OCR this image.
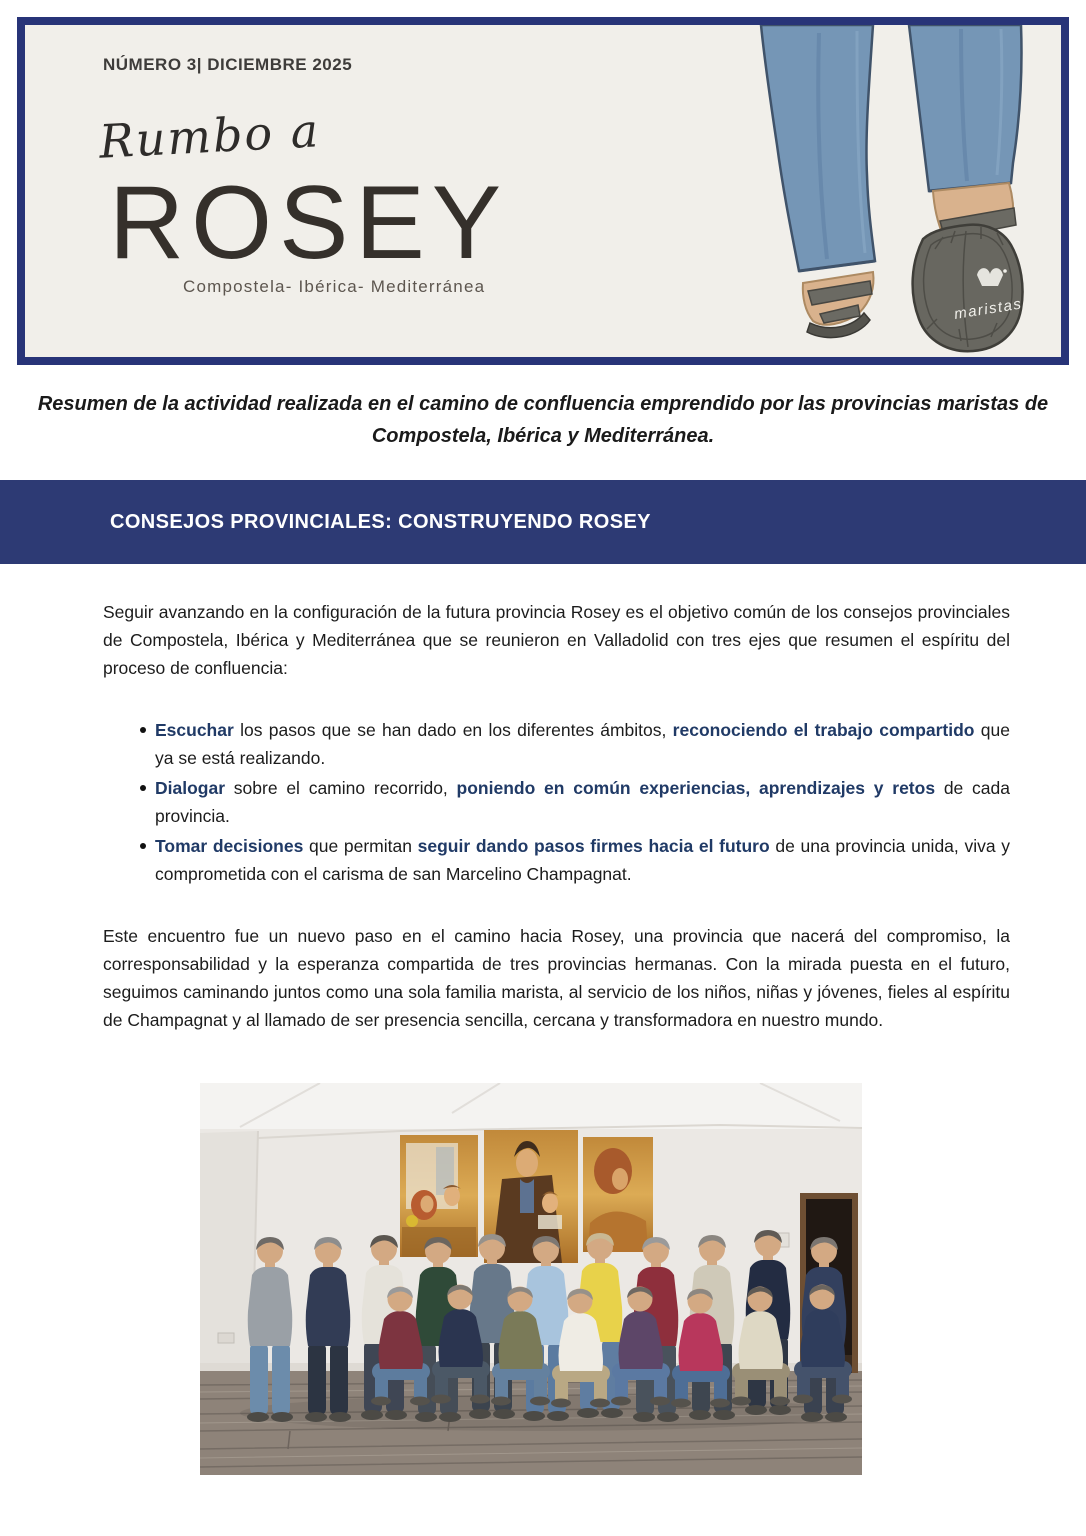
NÚMERO 3| DICIEMBRE 2025
Rumbo a
ROSEY
Compostela- Ibérica- Mediterránea
maristas
Resumen de la actividad realizada en el camino de confluencia emprendido por las provincias maristas de
Compostela, Ibérica y Mediterránea.
CONSEJOS PROVINCIALES: CONSTRUYENDO ROSEY

Seguir avanzando en la configuración de la futura provincia Rosey es el objetivo común de los consejos provinciales de Compostela, Ibérica y Mediterránea que se reunieron en Valladolid con tres ejes que resumen el espíritu del proceso de confluencia:

Escuchar los pasos que se han dado en los diferentes ámbitos, reconociendo el trabajo compartido que ya se está realizando.
Dialogar sobre el camino recorrido, poniendo en común experiencias, aprendizajes y retos de cada provincia.
Tomar decisiones que permitan seguir dando pasos firmes hacia el futuro de una provincia unida, viva y comprometida con el carisma de san Marcelino Champagnat.

Este encuentro fue un nuevo paso en el camino hacia Rosey, una provincia que nacerá del compromiso, la corresponsabilidad y la esperanza compartida de tres provincias hermanas. Con la mirada puesta en el futuro, seguimos caminando juntos como una sola familia marista, al servicio de los niños, niñas y jóvenes, fieles al espíritu de Champagnat y al llamado de ser presencia sencilla, cercana y transformadora en nuestro mundo.
